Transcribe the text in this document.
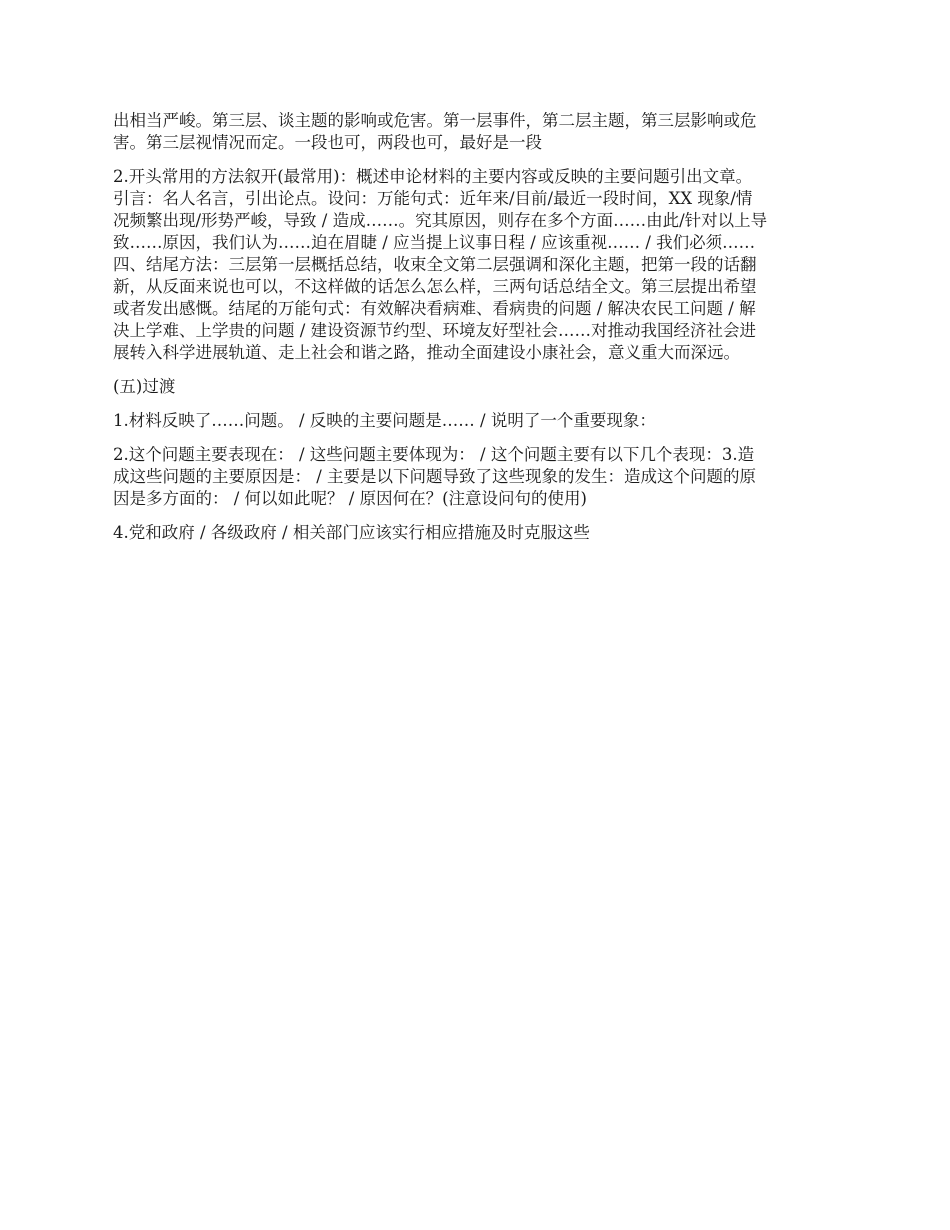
出相当严峻。第三层、谈主题的影响或危害。第一层事件，第二层主题，第三层影响或危
害。第三层视情况而定。一段也可，两段也可，最好是一段

2.开头常用的方法叙开(最常用)：概述申论材料的主要内容或反映的主要问题引出文章。
引言：名人名言，引出论点。设问：万能句式：近年来/目前/最近一段时间，XX 现象/情
况频繁出现/形势严峻，导致 / 造成……。究其原因，则存在多个方面……由此/针对以上导
致……原因，我们认为……迫在眉睫 / 应当提上议事日程 / 应该重视…… / 我们必须……
四、结尾方法：三层第一层概括总结，收束全文第二层强调和深化主题，把第一段的话翻
新，从反面来说也可以，不这样做的话怎么怎么样，三两句话总结全文。第三层提出希望
或者发出感慨。结尾的万能句式：有效解决看病难、看病贵的问题 / 解决农民工问题 / 解
决上学难、上学贵的问题 / 建设资源节约型、环境友好型社会……对推动我国经济社会进
展转入科学进展轨道、走上社会和谐之路，推动全面建设小康社会，意义重大而深远。

(五)过渡

1.材料反映了……问题。 / 反映的主要问题是…… / 说明了一个重要现象：

2.这个问题主要表现在： / 这些问题主要体现为： / 这个问题主要有以下几个表现：3.造
成这些问题的主要原因是： / 主要是以下问题导致了这些现象的发生：造成这个问题的原
因是多方面的： / 何以如此呢？ / 原因何在？(注意设问句的使用)

4.党和政府 / 各级政府 / 相关部门应该实行相应措施及时克服这些
